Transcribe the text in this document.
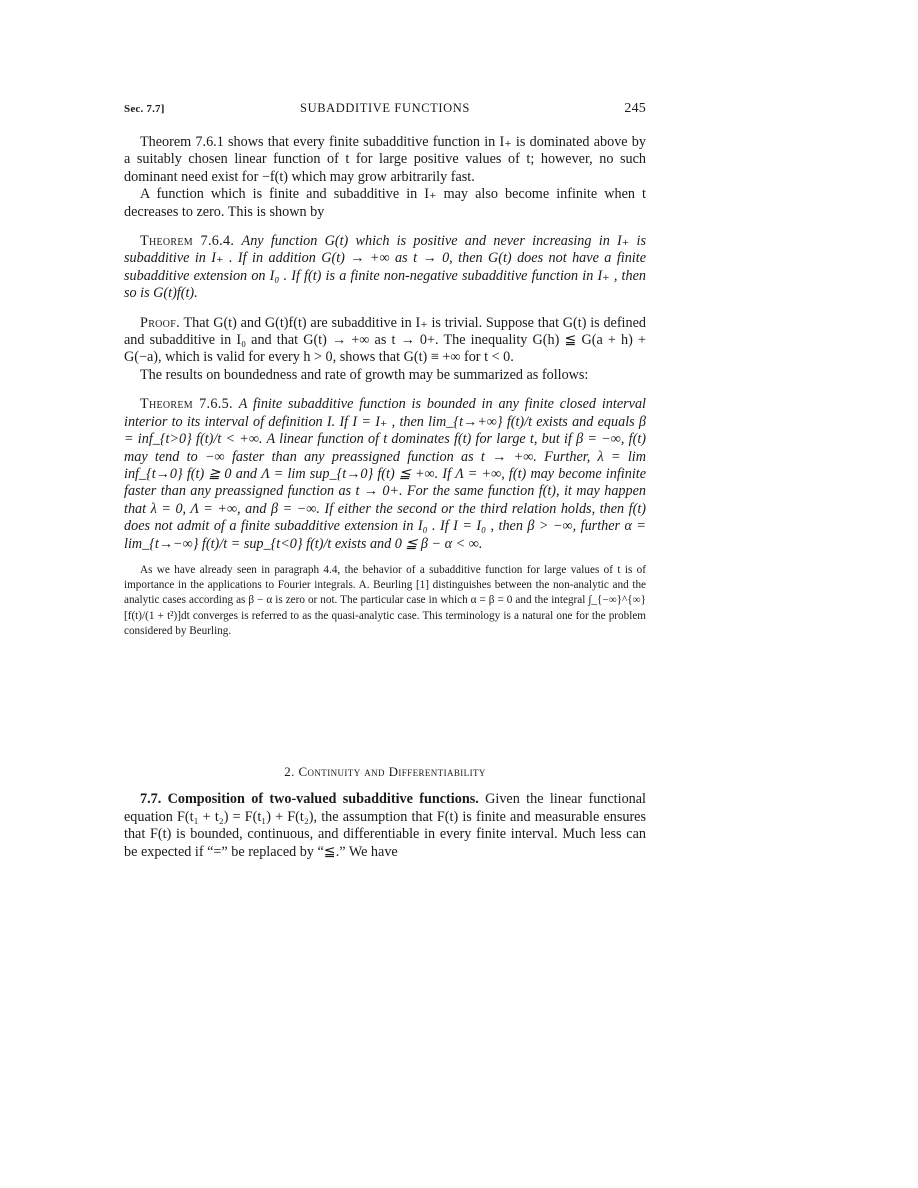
Sec. 7.7]	SUBADDITIVE FUNCTIONS	245

Theorem 7.6.1 shows that every finite subadditive function in I₊ is dominated above by a suitably chosen linear function of t for large positive values of t; however, no such dominant need exist for −f(t) which may grow arbitrarily fast.

A function which is finite and subadditive in I₊ may also become infinite when t decreases to zero. This is shown by

Theorem 7.6.4. Any function G(t) which is positive and never increasing in I₊ is subadditive in I₊ . If in addition G(t) → +∞ as t → 0, then G(t) does not have a finite subadditive extension on I₀ . If f(t) is a finite non-negative subadditive function in I₊ , then so is G(t)f(t).

Proof. That G(t) and G(t)f(t) are subadditive in I₊ is trivial. Suppose that G(t) is defined and subadditive in I₀ and that G(t) → +∞ as t → 0+. The inequality G(h) ≦ G(a + h) + G(−a), which is valid for every h > 0, shows that G(t) ≡ +∞ for t < 0.

The results on boundedness and rate of growth may be summarized as follows:

Theorem 7.6.5. A finite subadditive function is bounded in any finite closed interval interior to its interval of definition I. If I = I₊ , then lim_{t→+∞} f(t)/t exists and equals β = inf_{t>0} f(t)/t < +∞. A linear function of t dominates f(t) for large t, but if β = −∞, f(t) may tend to −∞ faster than any preassigned function as t → +∞. Further, λ = lim inf_{t→0} f(t) ≧ 0 and Λ = lim sup_{t→0} f(t) ≦ +∞. If Λ = +∞, f(t) may become infinite faster than any preassigned function as t → 0+. For the same function f(t), it may happen that λ = 0, Λ = +∞, and β = −∞. If either the second or the third relation holds, then f(t) does not admit of a finite subadditive extension in I₀ . If I = I₀ , then β > −∞, further α = lim_{t→−∞} f(t)/t = sup_{t<0} f(t)/t exists and 0 ≦ β − α < ∞.

As we have already seen in paragraph 4.4, the behavior of a subadditive function for large values of t is of importance in the applications to Fourier integrals. A. Beurling [1] distinguishes between the non-analytic and the analytic cases according as β − α is zero or not. The particular case in which α = β = 0 and the integral ∫_{−∞}^{∞} [f(t)/(1 + t²)]dt converges is referred to as the quasi-analytic case. This terminology is a natural one for the problem considered by Beurling.

2. Continuity and Differentiability

7.7. Composition of two-valued subadditive functions. Given the linear functional equation F(t₁ + t₂) = F(t₁) + F(t₂), the assumption that F(t) is finite and measurable ensures that F(t) is bounded, continuous, and differentiable in every finite interval. Much less can be expected if “=” be replaced by “≦.” We have
